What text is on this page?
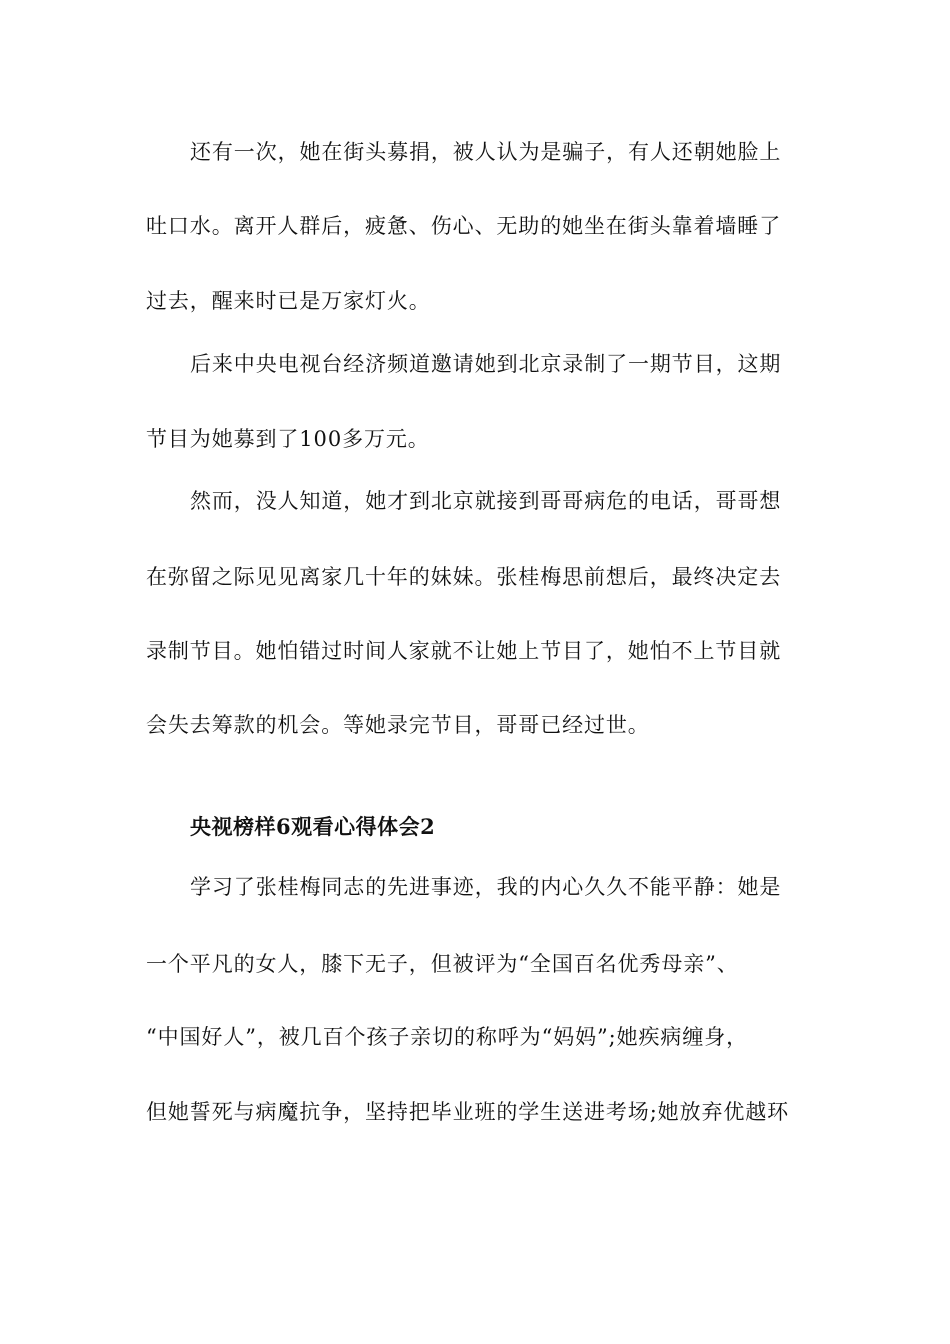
还有一次，她在街头募捐，被人认为是骗子，有人还朝她脸上
吐口水。离开人群后，疲惫、伤心、无助的她坐在街头靠着墙睡了
过去，醒来时已是万家灯火。
后来中央电视台经济频道邀请她到北京录制了一期节目，这期
节目为她募到了100多万元。
然而，没人知道，她才到北京就接到哥哥病危的电话，哥哥想
在弥留之际见见离家几十年的妹妹。张桂梅思前想后，最终决定去
录制节目。她怕错过时间人家就不让她上节目了，她怕不上节目就
会失去筹款的机会。等她录完节目，哥哥已经过世。
央视榜样6观看心得体会2
学习了张桂梅同志的先进事迹，我的内心久久不能平静：她是
一个平凡的女人，膝下无子，但被评为“全国百名优秀母亲”、
“中国好人”，被几百个孩子亲切的称呼为“妈妈”;她疾病缠身，
但她誓死与病魔抗争，坚持把毕业班的学生送进考场;她放弃优越环
